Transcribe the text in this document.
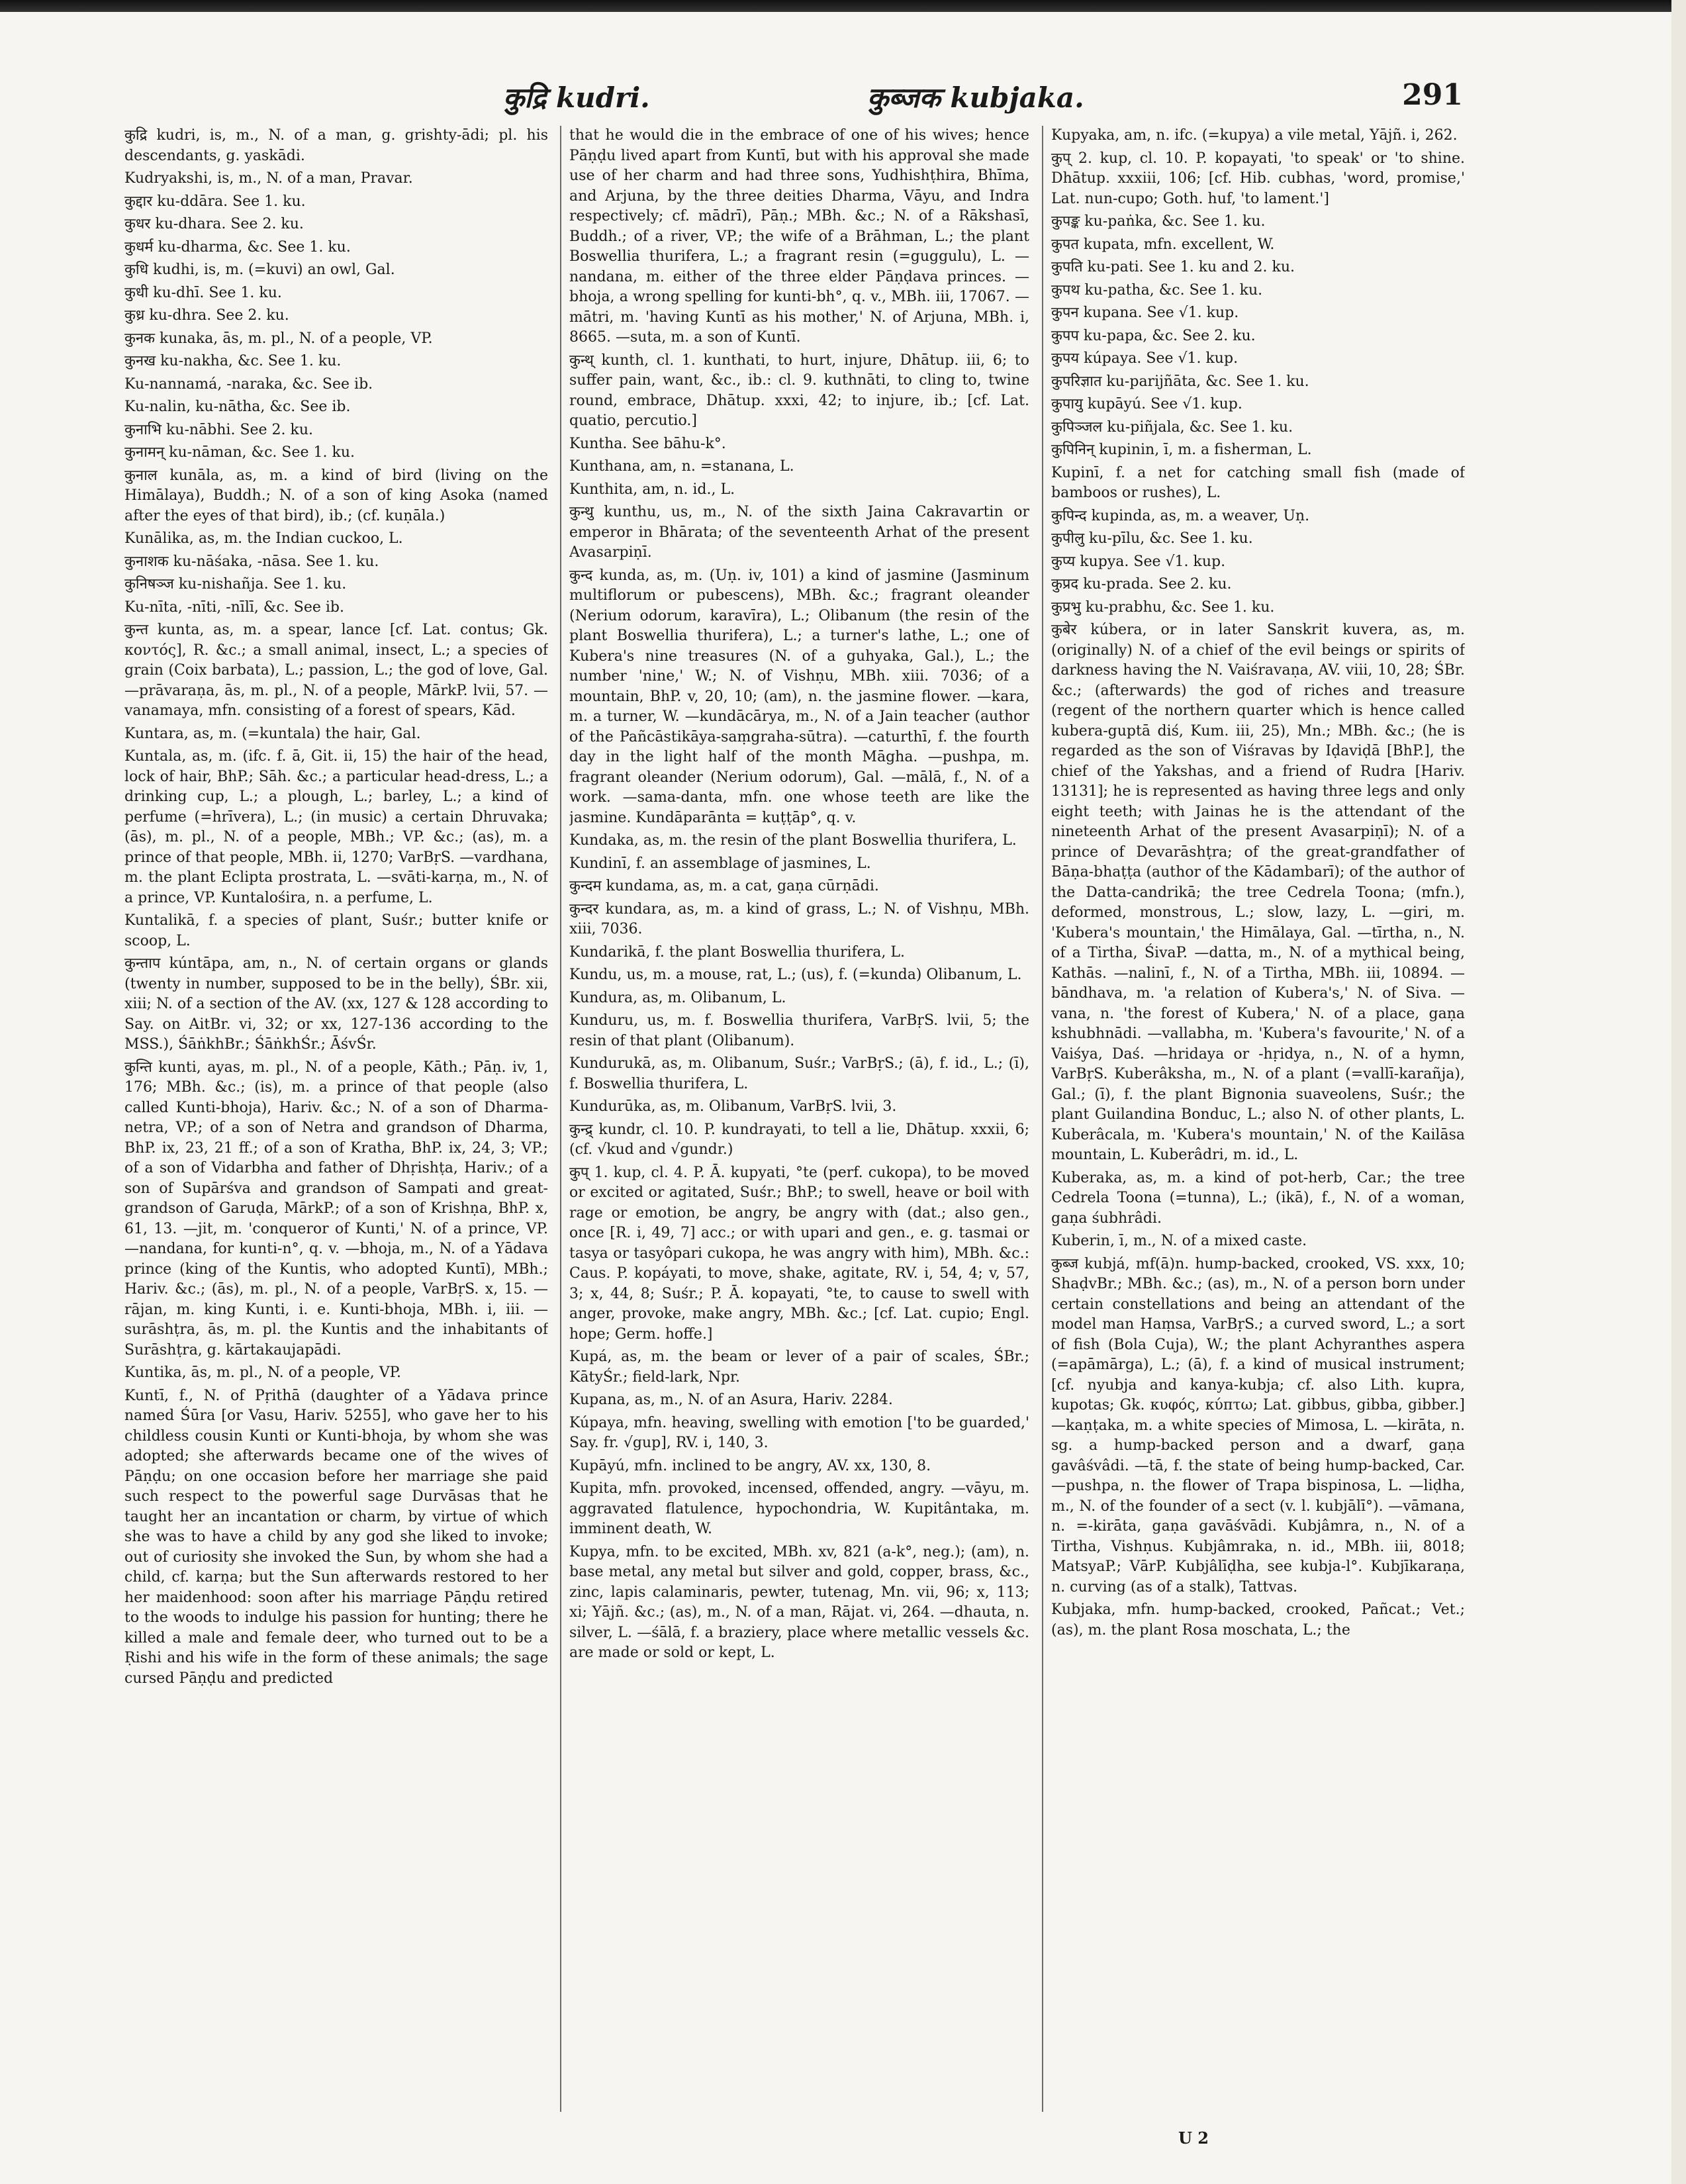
कुद्रि kudri.	कुब्जक kubjaka.	291

कुद्रि kudri, is, m., N. of a man, g. grishty-ādi; pl. his descendants, g. yaskādi.

Kudryakshi, is, m., N. of a man, Pravar.

कुद्दार ku-ddāra. See 1. ku.

कुधर ku-dhara. See 2. ku.

कुधर्म ku-dharma, &c. See 1. ku.

कुधि kudhi, is, m. (=kuvi) an owl, Gal.

कुधी ku-dhī. See 1. ku.

कुध्र ku-dhra. See 2. ku.

कुनक kunaka, ās, m. pl., N. of a people, VP.

कुनख ku-nakha, &c. See 1. ku.

Ku-nannamá, -naraka, &c. See ib.

Ku-nalin, ku-nātha, &c. See ib.

कुनाभि ku-nābhi. See 2. ku.

कुनामन् ku-nāman, &c. See 1. ku.

कुनाल kunāla, as, m. a kind of bird (living on the Himālaya), Buddh.; N. of a son of king Asoka (named after the eyes of that bird), ib.; (cf. kuṇāla.)

Kunālika, as, m. the Indian cuckoo, L.

कुनाशक ku-nāśaka, -nāsa. See 1. ku.

कुनिषञ्ज ku-nishañja. See 1. ku.

Ku-nīta, -nīti, -nīlī, &c. See ib.

कुन्त kunta, as, m. a spear, lance [cf. Lat. contus; Gk. κοντός], R. &c.; a small animal, insect, L.; a species of grain (Coix barbata), L.; passion, L.; the god of love, Gal. —prāvaraṇa, ās, m. pl., N. of a people, MārkP. lvii, 57. —vanamaya, mfn. consisting of a forest of spears, Kād.

Kuntara, as, m. (=kuntala) the hair, Gal.

Kuntala, as, m. (ifc. f. ā, Git. ii, 15) the hair of the head, lock of hair, BhP.; Sāh. &c.; a particular head-dress, L.; a drinking cup, L.; a plough, L.; barley, L.; a kind of perfume (=hrīvera), L.; (in music) a certain Dhruvaka; (ās), m. pl., N. of a people, MBh.; VP. &c.; (as), m. a prince of that people, MBh. ii, 1270; VarBṛS. —vardhana, m. the plant Eclipta prostrata, L. —svāti-karṇa, m., N. of a prince, VP. Kuntalośira, n. a perfume, L.

Kuntalikā, f. a species of plant, Suśr.; butter knife or scoop, L.

कुन्ताप kúntāpa, am, n., N. of certain organs or glands (twenty in number, supposed to be in the belly), ŚBr. xii, xiii; N. of a section of the AV. (xx, 127 & 128 according to Say. on AitBr. vi, 32; or xx, 127-136 according to the MSS.), ŚāṅkhBr.; ŚāṅkhŚr.; ĀśvŚr.

कुन्ति kunti, ayas, m. pl., N. of a people, Kāth.; Pāṇ. iv, 1, 176; MBh. &c.; (is), m. a prince of that people (also called Kunti-bhoja), Hariv. &c.; N. of a son of Dharma-netra, VP.; of a son of Netra and grandson of Dharma, BhP. ix, 23, 21 ff.; of a son of Kratha, BhP. ix, 24, 3; VP.; of a son of Vidarbha and father of Dhṛishṭa, Hariv.; of a son of Supārśva and grandson of Sampati and great-grandson of Garuḍa, MārkP.; of a son of Krishṇa, BhP. x, 61, 13. —jit, m. 'conqueror of Kunti,' N. of a prince, VP. —nandana, for kunti-n°, q. v. —bhoja, m., N. of a Yādava prince (king of the Kuntis, who adopted Kuntī), MBh.; Hariv. &c.; (ās), m. pl., N. of a people, VarBṛS. x, 15. —rājan, m. king Kunti, i. e. Kunti-bhoja, MBh. i, iii. —surāshṭra, ās, m. pl. the Kuntis and the inhabitants of Surāshṭra, g. kārtakaujapādi.

Kuntika, ās, m. pl., N. of a people, VP.

Kuntī, f., N. of Pṛithā (daughter of a Yādava prince named Śūra [or Vasu, Hariv. 5255], who gave her to his childless cousin Kunti or Kunti-bhoja, by whom she was adopted; she afterwards became one of the wives of Pāṇḍu; on one occasion before her marriage she paid such respect to the powerful sage Durvāsas that he taught her an incantation or charm, by virtue of which she was to have a child by any god she liked to invoke; out of curiosity she invoked the Sun, by whom she had a child, cf. karṇa; but the Sun afterwards restored to her her maidenhood: soon after his marriage Pāṇḍu retired to the woods to indulge his passion for hunting; there he killed a male and female deer, who turned out to be a Ṛishi and his wife in the form of these animals; the sage cursed Pāṇḍu and predicted

that he would die in the embrace of one of his wives; hence Pāṇḍu lived apart from Kuntī, but with his approval she made use of her charm and had three sons, Yudhishṭhira, Bhīma, and Arjuna, by the three deities Dharma, Vāyu, and Indra respectively; cf. mādrī), Pāṇ.; MBh. &c.; N. of a Rākshasī, Buddh.; of a river, VP.; the wife of a Brāhman, L.; the plant Boswellia thurifera, L.; a fragrant resin (=guggulu), L. —nandana, m. either of the three elder Pāṇḍava princes. —bhoja, a wrong spelling for kunti-bh°, q. v., MBh. iii, 17067. —mātri, m. 'having Kuntī as his mother,' N. of Arjuna, MBh. i, 8665. —suta, m. a son of Kuntī.

कुन्थ् kunth, cl. 1. kunthati, to hurt, injure, Dhātup. iii, 6; to suffer pain, want, &c., ib.: cl. 9. kuthnāti, to cling to, twine round, embrace, Dhātup. xxxi, 42; to injure, ib.; [cf. Lat. quatio, percutio.]

Kuntha. See bāhu-k°.

Kunthana, am, n. =stanana, L.

Kunthita, am, n. id., L.

कुन्थु kunthu, us, m., N. of the sixth Jaina Cakravartin or emperor in Bhārata; of the seventeenth Arhat of the present Avasarpiṇī.

कुन्द kunda, as, m. (Uṇ. iv, 101) a kind of jasmine (Jasminum multiflorum or pubescens), MBh. &c.; fragrant oleander (Nerium odorum, karavīra), L.; Olibanum (the resin of the plant Boswellia thurifera), L.; a turner's lathe, L.; one of Kubera's nine treasures (N. of a guhyaka, Gal.), L.; the number 'nine,' W.; N. of Vishṇu, MBh. xiii. 7036; of a mountain, BhP. v, 20, 10; (am), n. the jasmine flower. —kara, m. a turner, W. —kundācārya, m., N. of a Jain teacher (author of the Pañcāstikāya-saṃgraha-sūtra). —caturthī, f. the fourth day in the light half of the month Māgha. —pushpa, m. fragrant oleander (Nerium odorum), Gal. —mālā, f., N. of a work. —sama-danta, mfn. one whose teeth are like the jasmine. Kundāparānta = kuṭṭāp°, q. v.

Kundaka, as, m. the resin of the plant Boswellia thurifera, L.

Kundinī, f. an assemblage of jasmines, L.

कुन्दम kundama, as, m. a cat, gaṇa cūrṇādi.

कुन्दर kundara, as, m. a kind of grass, L.; N. of Vishṇu, MBh. xiii, 7036.

Kundarikā, f. the plant Boswellia thurifera, L.

Kundu, us, m. a mouse, rat, L.; (us), f. (=kunda) Olibanum, L.

Kundura, as, m. Olibanum, L.

Kunduru, us, m. f. Boswellia thurifera, VarBṛS. lvii, 5; the resin of that plant (Olibanum).

Kundurukā, as, m. Olibanum, Suśr.; VarBṛS.; (ā), f. id., L.; (ī), f. Boswellia thurifera, L.

Kundurūka, as, m. Olibanum, VarBṛS. lvii, 3.

कुन्द्र् kundr, cl. 10. P. kundrayati, to tell a lie, Dhātup. xxxii, 6; (cf. √kud and √gundr.)

कुप् 1. kup, cl. 4. P. Ā. kupyati, °te (perf. cukopa), to be moved or excited or agitated, Suśr.; BhP.; to swell, heave or boil with rage or emotion, be angry, be angry with (dat.; also gen., once [R. i, 49, 7] acc.; or with upari and gen., e. g. tasmai or tasya or tasyôpari cukopa, he was angry with him), MBh. &c.: Caus. P. kopáyati, to move, shake, agitate, RV. i, 54, 4; v, 57, 3; x, 44, 8; Suśr.; P. Ā. kopayati, °te, to cause to swell with anger, provoke, make angry, MBh. &c.; [cf. Lat. cupio; Engl. hope; Germ. hoffe.]

Kupá, as, m. the beam or lever of a pair of scales, ŚBr.; KātyŚr.; field-lark, Npr.

Kupana, as, m., N. of an Asura, Hariv. 2284.

Kúpaya, mfn. heaving, swelling with emotion ['to be guarded,' Say. fr. √gup], RV. i, 140, 3.

Kupāyú, mfn. inclined to be angry, AV. xx, 130, 8.

Kupita, mfn. provoked, incensed, offended, angry. —vāyu, m. aggravated flatulence, hypochondria, W. Kupitântaka, m. imminent death, W.

Kupya, mfn. to be excited, MBh. xv, 821 (a-k°, neg.); (am), n. base metal, any metal but silver and gold, copper, brass, &c., zinc, lapis calaminaris, pewter, tutenag, Mn. vii, 96; x, 113; xi; Yājñ. &c.; (as), m., N. of a man, Rājat. vi, 264. —dhauta, n. silver, L. —śālā, f. a braziery, place where metallic vessels &c. are made or sold or kept, L.

Kupyaka, am, n. ifc. (=kupya) a vile metal, Yājñ. i, 262.

कुप् 2. kup, cl. 10. P. kopayati, 'to speak' or 'to shine. Dhātup. xxxiii, 106; [cf. Hib. cubhas, 'word, promise,' Lat. nun-cupo; Goth. huf, 'to lament.']

कुपङ्क ku-paṅka, &c. See 1. ku.

कुपत kupata, mfn. excellent, W.

कुपति ku-pati. See 1. ku and 2. ku.

कुपथ ku-patha, &c. See 1. ku.

कुपन kupana. See √1. kup.

कुपप ku-papa, &c. See 2. ku.

कुपय kúpaya. See √1. kup.

कुपरिज्ञात ku-parijñāta, &c. See 1. ku.

कुपायु kupāyú. See √1. kup.

कुपिञ्जल ku-piñjala, &c. See 1. ku.

कुपिनिन् kupinin, ī, m. a fisherman, L.

Kupinī, f. a net for catching small fish (made of bamboos or rushes), L.

कुपिन्द kupinda, as, m. a weaver, Uṇ.

कुपीलु ku-pīlu, &c. See 1. ku.

कुप्य kupya. See √1. kup.

कुप्रद ku-prada. See 2. ku.

कुप्रभु ku-prabhu, &c. See 1. ku.

कुबेर kúbera, or in later Sanskrit kuvera, as, m. (originally) N. of a chief of the evil beings or spirits of darkness having the N. Vaiśravaṇa, AV. viii, 10, 28; ŚBr. &c.; (afterwards) the god of riches and treasure (regent of the northern quarter which is hence called kubera-guptā diś, Kum. iii, 25), Mn.; MBh. &c.; (he is regarded as the son of Viśravas by Iḍaviḍā [BhP.], the chief of the Yakshas, and a friend of Rudra [Hariv. 13131]; he is represented as having three legs and only eight teeth; with Jainas he is the attendant of the nineteenth Arhat of the present Avasarpiṇī); N. of a prince of Devarāshṭra; of the great-grandfather of Bāṇa-bhaṭṭa (author of the Kādambarī); of the author of the Datta-candrikā; the tree Cedrela Toona; (mfn.), deformed, monstrous, L.; slow, lazy, L. —giri, m. 'Kubera's mountain,' the Himālaya, Gal. —tīrtha, n., N. of a Tirtha, ŚivaP. —datta, m., N. of a mythical being, Kathās. —nalinī, f., N. of a Tirtha, MBh. iii, 10894. —bāndhava, m. 'a relation of Kubera's,' N. of Siva. —vana, n. 'the forest of Kubera,' N. of a place, gaṇa kshubhnādi. —vallabha, m. 'Kubera's favourite,' N. of a Vaiśya, Daś. —hridaya or -hṛidya, n., N. of a hymn, VarBṛS. Kuberâksha, m., N. of a plant (=vallī-karañja), Gal.; (ī), f. the plant Bignonia suaveolens, Suśr.; the plant Guilandina Bonduc, L.; also N. of other plants, L. Kuberâcala, m. 'Kubera's mountain,' N. of the Kailāsa mountain, L. Kuberâdri, m. id., L.

Kuberaka, as, m. a kind of pot-herb, Car.; the tree Cedrela Toona (=tunna), L.; (ikā), f., N. of a woman, gaṇa śubhrâdi.

Kuberin, ī, m., N. of a mixed caste.

कुब्ज kubjá, mf(ā)n. hump-backed, crooked, VS. xxx, 10; ShaḍvBr.; MBh. &c.; (as), m., N. of a person born under certain constellations and being an attendant of the model man Haṃsa, VarBṛS.; a curved sword, L.; a sort of fish (Bola Cuja), W.; the plant Achyranthes aspera (=apāmārga), L.; (ā), f. a kind of musical instrument; [cf. nyubja and kanya-kubja; cf. also Lith. kupra, kupotas; Gk. κυφός, κύπτω; Lat. gibbus, gibba, gibber.] —kaṇṭaka, m. a white species of Mimosa, L. —kirāta, n. sg. a hump-backed person and a dwarf, gaṇa gavâśvâdi. —tā, f. the state of being hump-backed, Car. —pushpa, n. the flower of Trapa bispinosa, L. —liḍha, m., N. of the founder of a sect (v. l. kubjālī°). —vāmana, n. =-kirāta, gaṇa gavāśvādi. Kubjâmra, n., N. of a Tirtha, Vishṇus. Kubjâmraka, n. id., MBh. iii, 8018; MatsyaP.; VārP. Kubjâlīḍha, see kubja-l°. Kubjīkaraṇa, n. curving (as of a stalk), Tattvas.

Kubjaka, mfn. hump-backed, crooked, Pañcat.; Vet.; (as), m. the plant Rosa moschata, L.; the

U 2
